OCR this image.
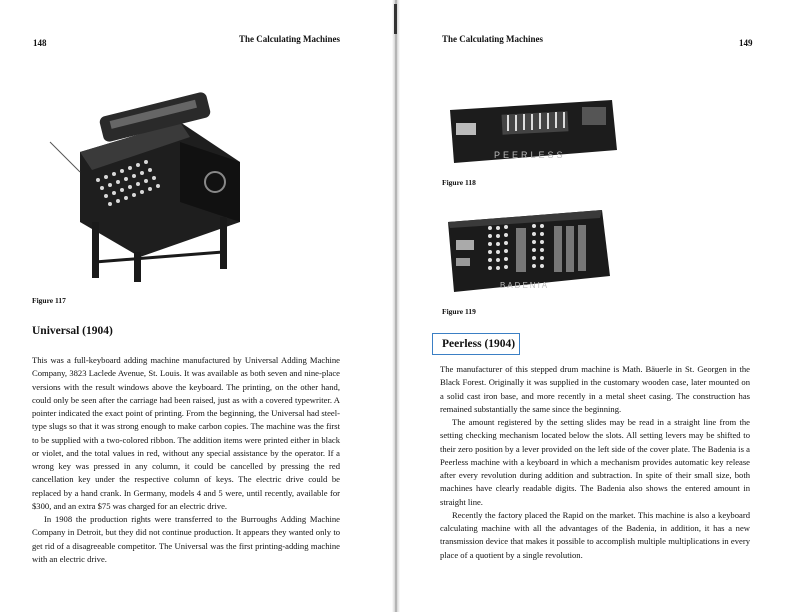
148	The Calculating Machines
Figure 117
Universal (1904)

This was a full-keyboard adding machine manufactured by Universal Adding Machine Company, 3823 Laclede Avenue, St. Louis. It was available as both seven and nine-place versions with the result windows above the keyboard. The printing, on the other hand, could only be seen after the carriage had been raised, just as with a covered typewriter. A pointer indicated the exact point of printing. From the beginning, the Universal had steel-type slugs so that it was strong enough to make carbon copies. The machine was the first to be supplied with a two-colored ribbon. The addition items were printed either in black or violet, and the total values in red, without any special assistance by the operator. If a wrong key was pressed in any column, it could be cancelled by pressing the red cancellation key under the respective column of keys. The electric drive could be replaced by a hand crank. In Germany, models 4 and 5 were, until recently, available for $300, and an extra $75 was charged for an electric drive.

In 1908 the production rights were transferred to the Burroughs Adding Machine Company in Detroit, but they did not continue production. It appears they wanted only to get rid of a disagreeable competitor. The Universal was the first printing-adding machine with an electric drive.

The Calculating Machines	149
PEERLESS
Figure 118
BADENIA
Figure 119
Peerless (1904)

The manufacturer of this stepped drum machine is Math. Bäuerle in St. Georgen in the Black Forest. Originally it was supplied in the customary wooden case, later mounted on a solid cast iron base, and more recently in a metal sheet casing. The construction has remained substantially the same since the beginning.

The amount registered by the setting slides may be read in a straight line from the setting checking mechanism located below the slots. All setting levers may be shifted to their zero position by a lever provided on the left side of the cover plate. The Badenia is a Peerless machine with a keyboard in which a mechanism provides automatic key release after every revolution during addition and subtraction. In spite of their small size, both machines have clearly readable digits. The Badenia also shows the entered amount in straight line.

Recently the factory placed the Rapid on the market. This machine is also a keyboard calculating machine with all the advantages of the Badenia, in addition, it has a new transmission device that makes it possible to accomplish multiple multiplications in every place of a quotient by a single revolution.
